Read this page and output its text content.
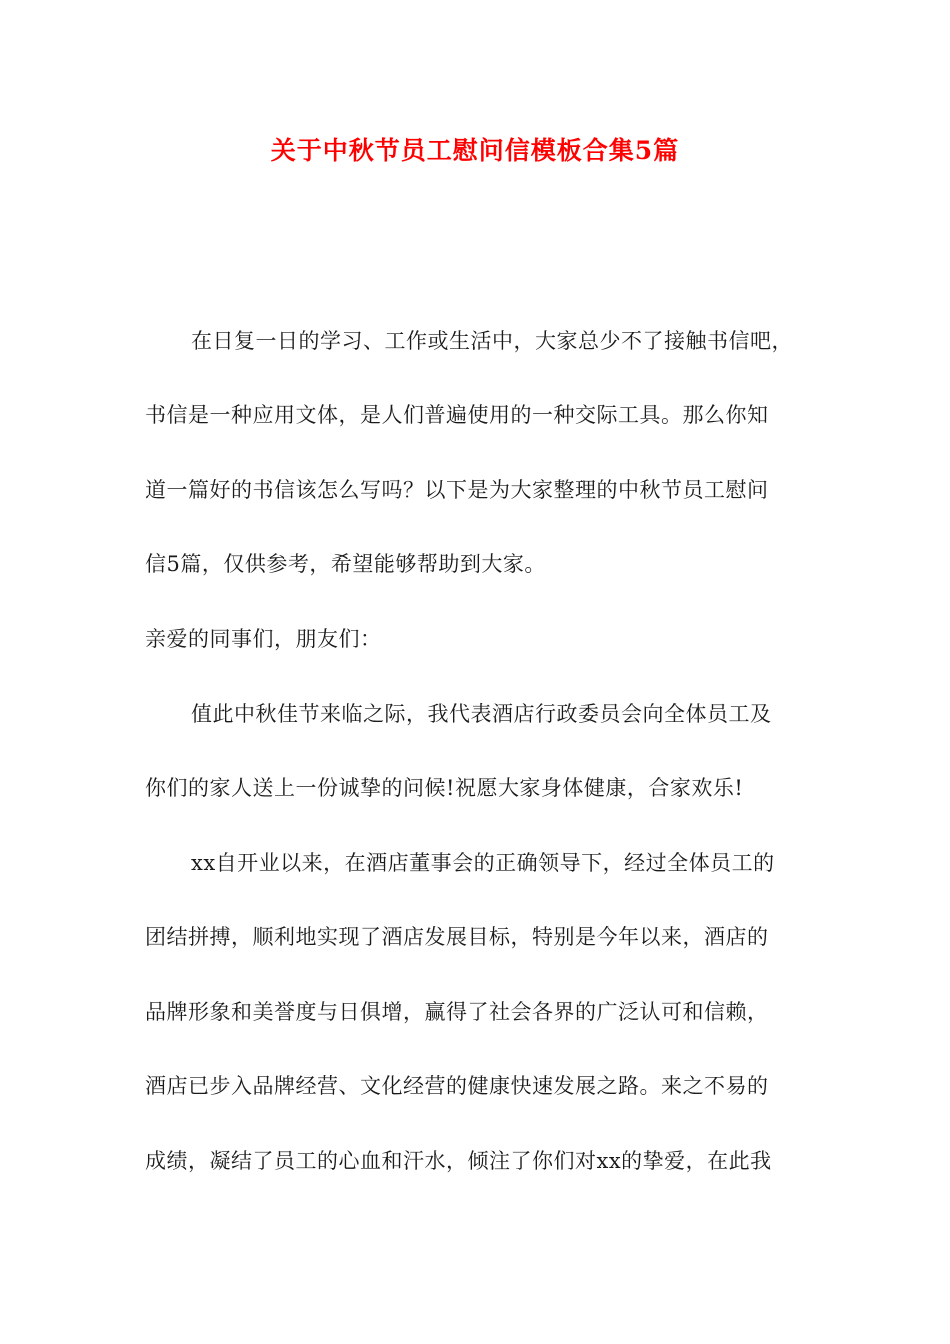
关于中秋节员工慰问信模板合集5篇
在日复一日的学习、工作或生活中，大家总少不了接触书信吧，
书信是一种应用文体，是人们普遍使用的一种交际工具。那么你知
道一篇好的书信该怎么写吗？以下是为大家整理的中秋节员工慰问
信5篇，仅供参考，希望能够帮助到大家。
亲爱的同事们，朋友们：
值此中秋佳节来临之际，我代表酒店行政委员会向全体员工及
你们的家人送上一份诚挚的问候!祝愿大家身体健康，合家欢乐!
xx自开业以来，在酒店董事会的正确领导下，经过全体员工的
团结拼搏，顺利地实现了酒店发展目标，特别是今年以来，酒店的
品牌形象和美誉度与日俱增，赢得了社会各界的广泛认可和信赖，
酒店已步入品牌经营、文化经营的健康快速发展之路。来之不易的
成绩，凝结了员工的心血和汗水，倾注了你们对xx的挚爱，在此我
